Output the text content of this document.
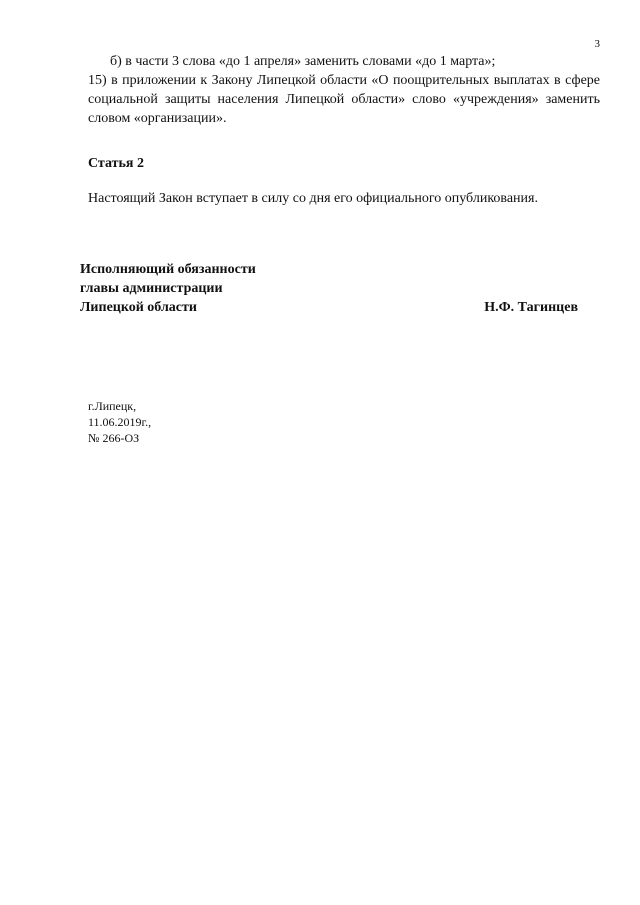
3
б) в части 3 слова «до 1 апреля» заменить словами «до 1 марта»;
15) в приложении к Закону Липецкой области «О поощрительных выплатах в сфере социальной защиты населения Липецкой области» слово «учреждения» заменить словом «организации».
Статья 2
Настоящий Закон вступает в силу со дня его официального опубликования.
Исполняющий обязанности
главы администрации
Липецкой области	Н.Ф. Тагинцев
г.Липецк,
11.06.2019г.,
№ 266-ОЗ
